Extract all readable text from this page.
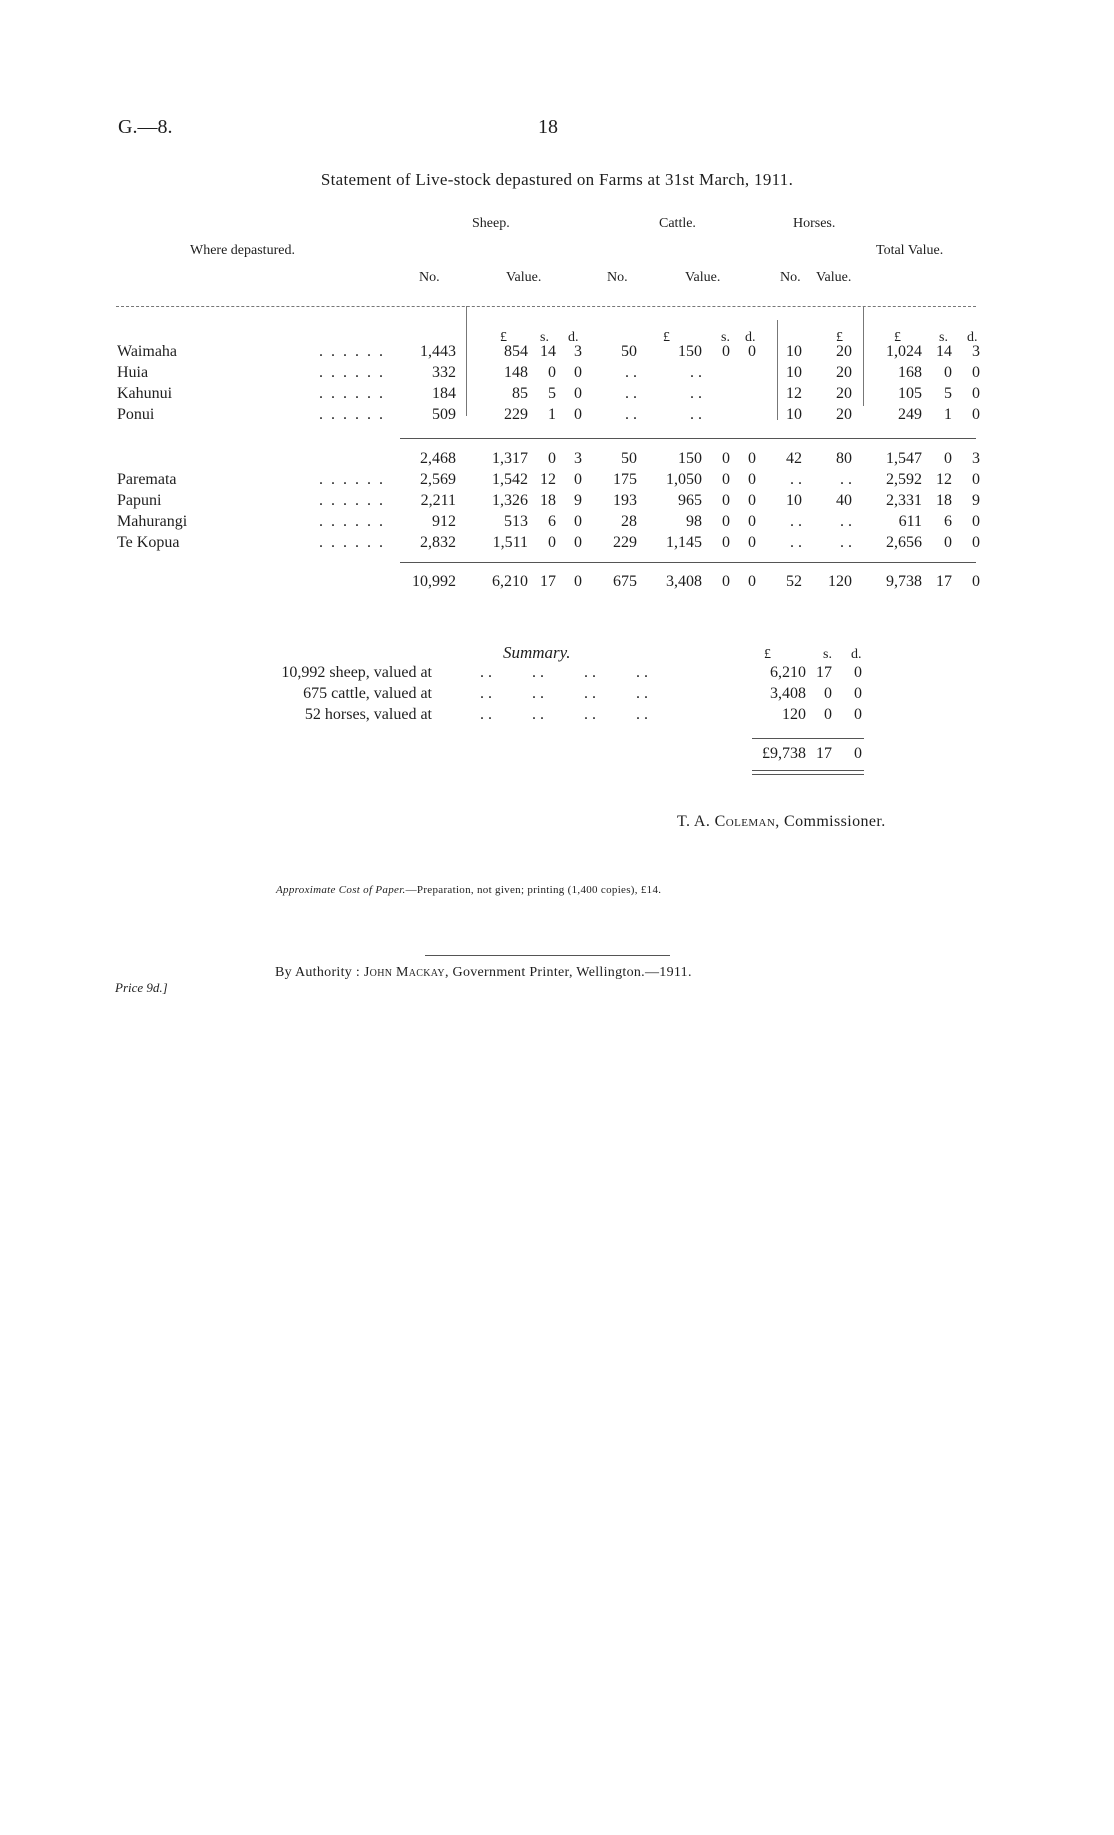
G.—8.	18
Statement of Live-stock depastured on Farms at 31st March, 1911.
Where depastured.
Sheep.	Cattle.	Horses.
Total Value.
No.	Value.	No.	Value.	No. Value.
£ s. d.	£	s. d.	£	£	s. d.
Summary.	£	s. d.
10,992 sheep, valued at	. .          . .          . .          . .	6,210 17	0
675 cattle, valued at	. .          . .          . .          . .	3,408	0	0
52 horses, valued at	. .          . .          . .          . .	120	0	0
£9,738 17	0
T. A. Coleman, Commissioner.
Approximate Cost of Paper.—Preparation, not given; printing (1,400 copies), £14.
By Authority : John Mackay, Government Printer, Wellington.—1911.
Price 9d.]
Waimaha	. . . . . .	1,443	854 14	3	50	150	0	0	10	20	1,024 14	3
Huia	. . . . . .	332	148	0	0	. .	. .	10	20	168	0	0
Kahunui	. . . . . .	184	85	5	0	. .	. .	12	20	105	5	0
Ponui	. . . . . .	509	229	1	0	. .	. .	10	20	249	1	0
2,468	1,317	0	3	50	150	0	0	42	80	1,547	0	3
Paremata	. . . . . .	2,569	1,542 12	0	175	1,050	0	0	. .	. .	2,592 12	0
Papuni	. . . . . .	2,211	1,326 18	9	193	965	0	0	10	40	2,331 18	9
Mahurangi	. . . . . .	912	513	6	0	28	98	0	0	. .	. .	611	6	0
Te Kopua	. . . . . .	2,832	1,511	0	0	229	1,145	0	0	. .	. .	2,656	0	0
10,992	6,210 17	0	675	3,408	0	0	52	120	9,738 17	0
